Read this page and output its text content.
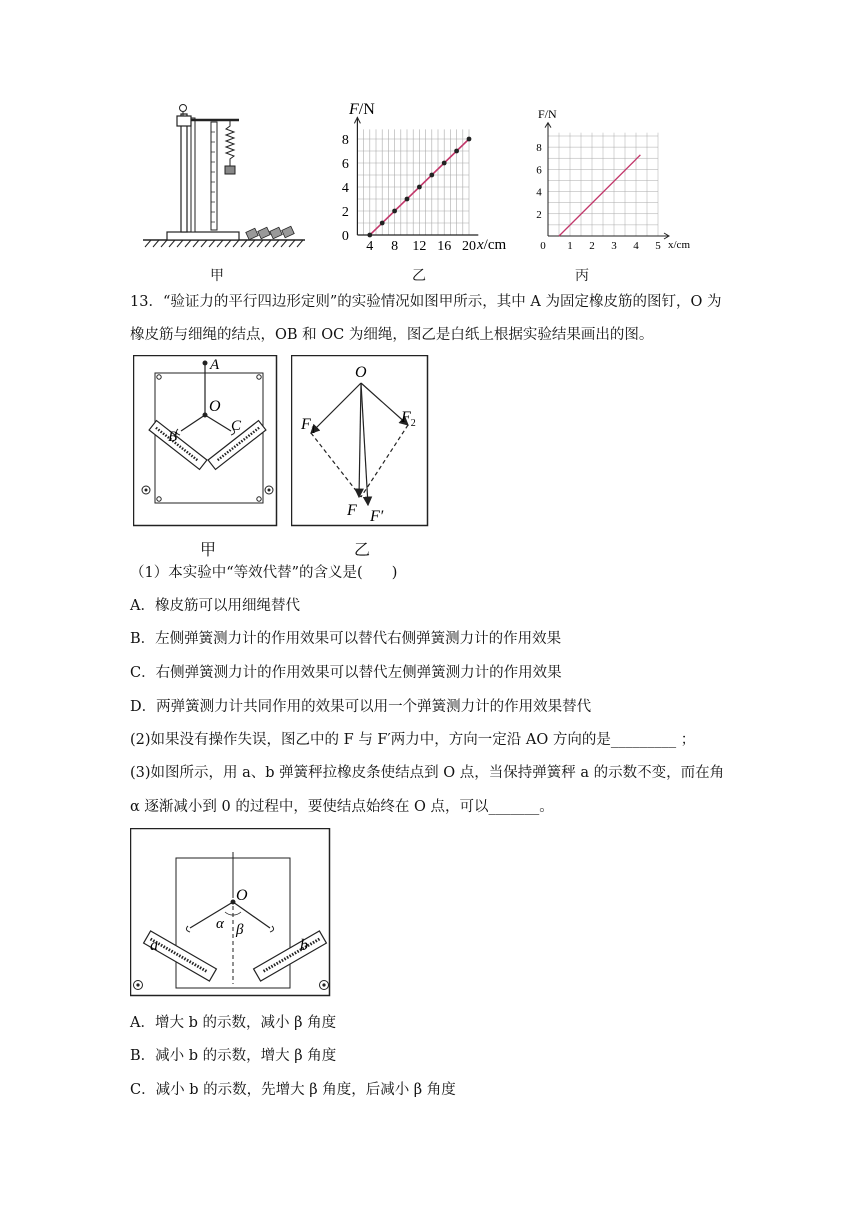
甲
0
2
4
6
8
4 8 12 16 20
F/N
x/cm
乙
2
4
6
8
0 1 2 3 4 5
F/N
x/cm
丙
13．“验证力的平行四边形定则”的实验情况如图甲所示，其中 A 为固定橡皮筋的图钉，O 为
橡皮筋与细绳的结点，OB 和 OC 为细绳，图乙是白纸上根据实验结果画出的图。
A
O
B
C
甲
O
$F_1$
$F_2$
F F′
乙
（1）本实验中“等效代替”的含义是(　　)
A．橡皮筋可以用细绳替代
B．左侧弹簧测力计的作用效果可以替代右侧弹簧测力计的作用效果
C．右侧弹簧测力计的作用效果可以替代左侧弹簧测力计的作用效果
D．两弹簧测力计共同作用的效果可以用一个弹簧测力计的作用效果替代
(2)如果没有操作失误，图乙中的 F 与 F′两力中，方向一定沿 AO 方向的是_________ ；
(3)如图所示，用 a、b 弹簧秤拉橡皮条使结点到 O 点，当保持弹簧秤 a 的示数不变，而在角
α 逐渐减小到 0 的过程中，要使结点始终在 O 点，可以_______。
O
α β
a	b
A．增大 b 的示数，减小 β 角度
B．减小 b 的示数，增大 β 角度
C．减小 b 的示数，先增大 β 角度，后减小 β 角度
